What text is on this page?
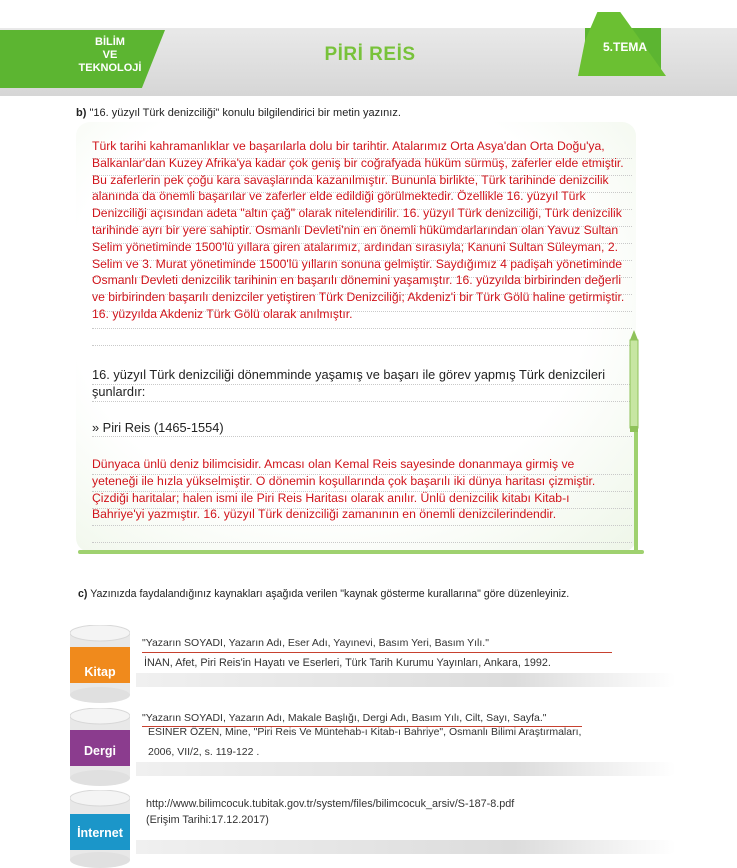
BİLİM
VE
TEKNOLOJİ
PİRİ REİS	5.TEMA
b) "16. yüzyıl Türk denizciliği" konulu bilgilendirici bir metin yazınız.
Türk tarihi kahramanlıklar ve başarılarla dolu bir tarihtir. Atalarımız Orta Asya'dan Orta Doğu'ya, Balkanlar'dan Kuzey Afrika'ya kadar çok geniş bir coğrafyada hüküm sürmüş, zaferler elde etmiştir. Bu zaferlerin pek çoğu kara savaşlarında kazanılmıştır. Bununla birlikte, Türk tarihinde denizcilik alanında da önemli başarılar ve zaferler elde edildiği görülmektedir. Özellikle 16. yüzyıl Türk Denizciliği açısından adeta "altın çağ" olarak nitelendirilir. 16. yüzyıl Türk denizciliği, Türk denizcilik tarihinde ayrı bir yere sahiptir. Osmanlı Devleti'nin en önemli hükümdarlarından olan Yavuz Sultan Selim yönetiminde 1500'lü yıllara giren atalarımız, ardından sırasıyla; Kanuni Sultan Süleyman, 2. Selim ve 3. Murat yönetiminde 1500'lü yılların sonuna gelmiştir. Saydığımız 4 padişah yönetiminde Osmanlı Devleti denizcilik tarihinin en başarılı dönemini yaşamıştır. 16. yüzyılda birbirinden değerli ve birbirinden başarılı denizciler yetiştiren Türk Denizciliği; Akdeniz'i bir Türk Gölü haline getirmiştir. 16. yüzyılda Akdeniz Türk Gölü olarak anılmıştır.
16. yüzyıl Türk denizciliği dönemminde yaşamış ve başarı ile görev yapmış Türk denizcileri şunlardır:
» Piri Reis (1465-1554)
Dünyaca ünlü deniz bilimcisidir. Amcası olan Kemal Reis sayesinde donanmaya girmiş ve yeteneği ile hızla yükselmiştir. O dönemin koşullarında çok başarılı iki dünya haritası çizmiştir. Çizdiği haritalar; halen ismi ile Piri Reis Haritası olarak anılır. Ünlü denizcilik kitabı Kitab-ı Bahriye'yi yazmıştır. 16. yüzyıl Türk denizciliği zamanının en önemli denizcilerindendir.
c) Yazınızda faydalandığınız kaynakları aşağıda verilen "kaynak gösterme kurallarına" göre düzenleyiniz.
Kitap
"Yazarın SOYADI, Yazarın Adı, Eser Adı, Yayınevi, Basım Yeri, Basım Yılı."
İNAN, Afet, Piri Reis'in Hayatı ve Eserleri, Türk Tarih Kurumu Yayınları, Ankara, 1992.
Dergi
"Yazarın SOYADI, Yazarın Adı, Makale Başlığı, Dergi Adı, Basım Yılı, Cilt, Sayı, Sayfa."
ESİNER ÖZEN, Mine, "Piri Reis Ve Müntehab-ı Kitab-ı Bahriye", Osmanlı Bilimi Araştırmaları,
2006, VII/2, s. 119-122 .
İnternet
http://www.bilimcocuk.tubitak.gov.tr/system/files/bilimcocuk_arsiv/S-187-8.pdf
(Erişim Tarihi:17.12.2017)
